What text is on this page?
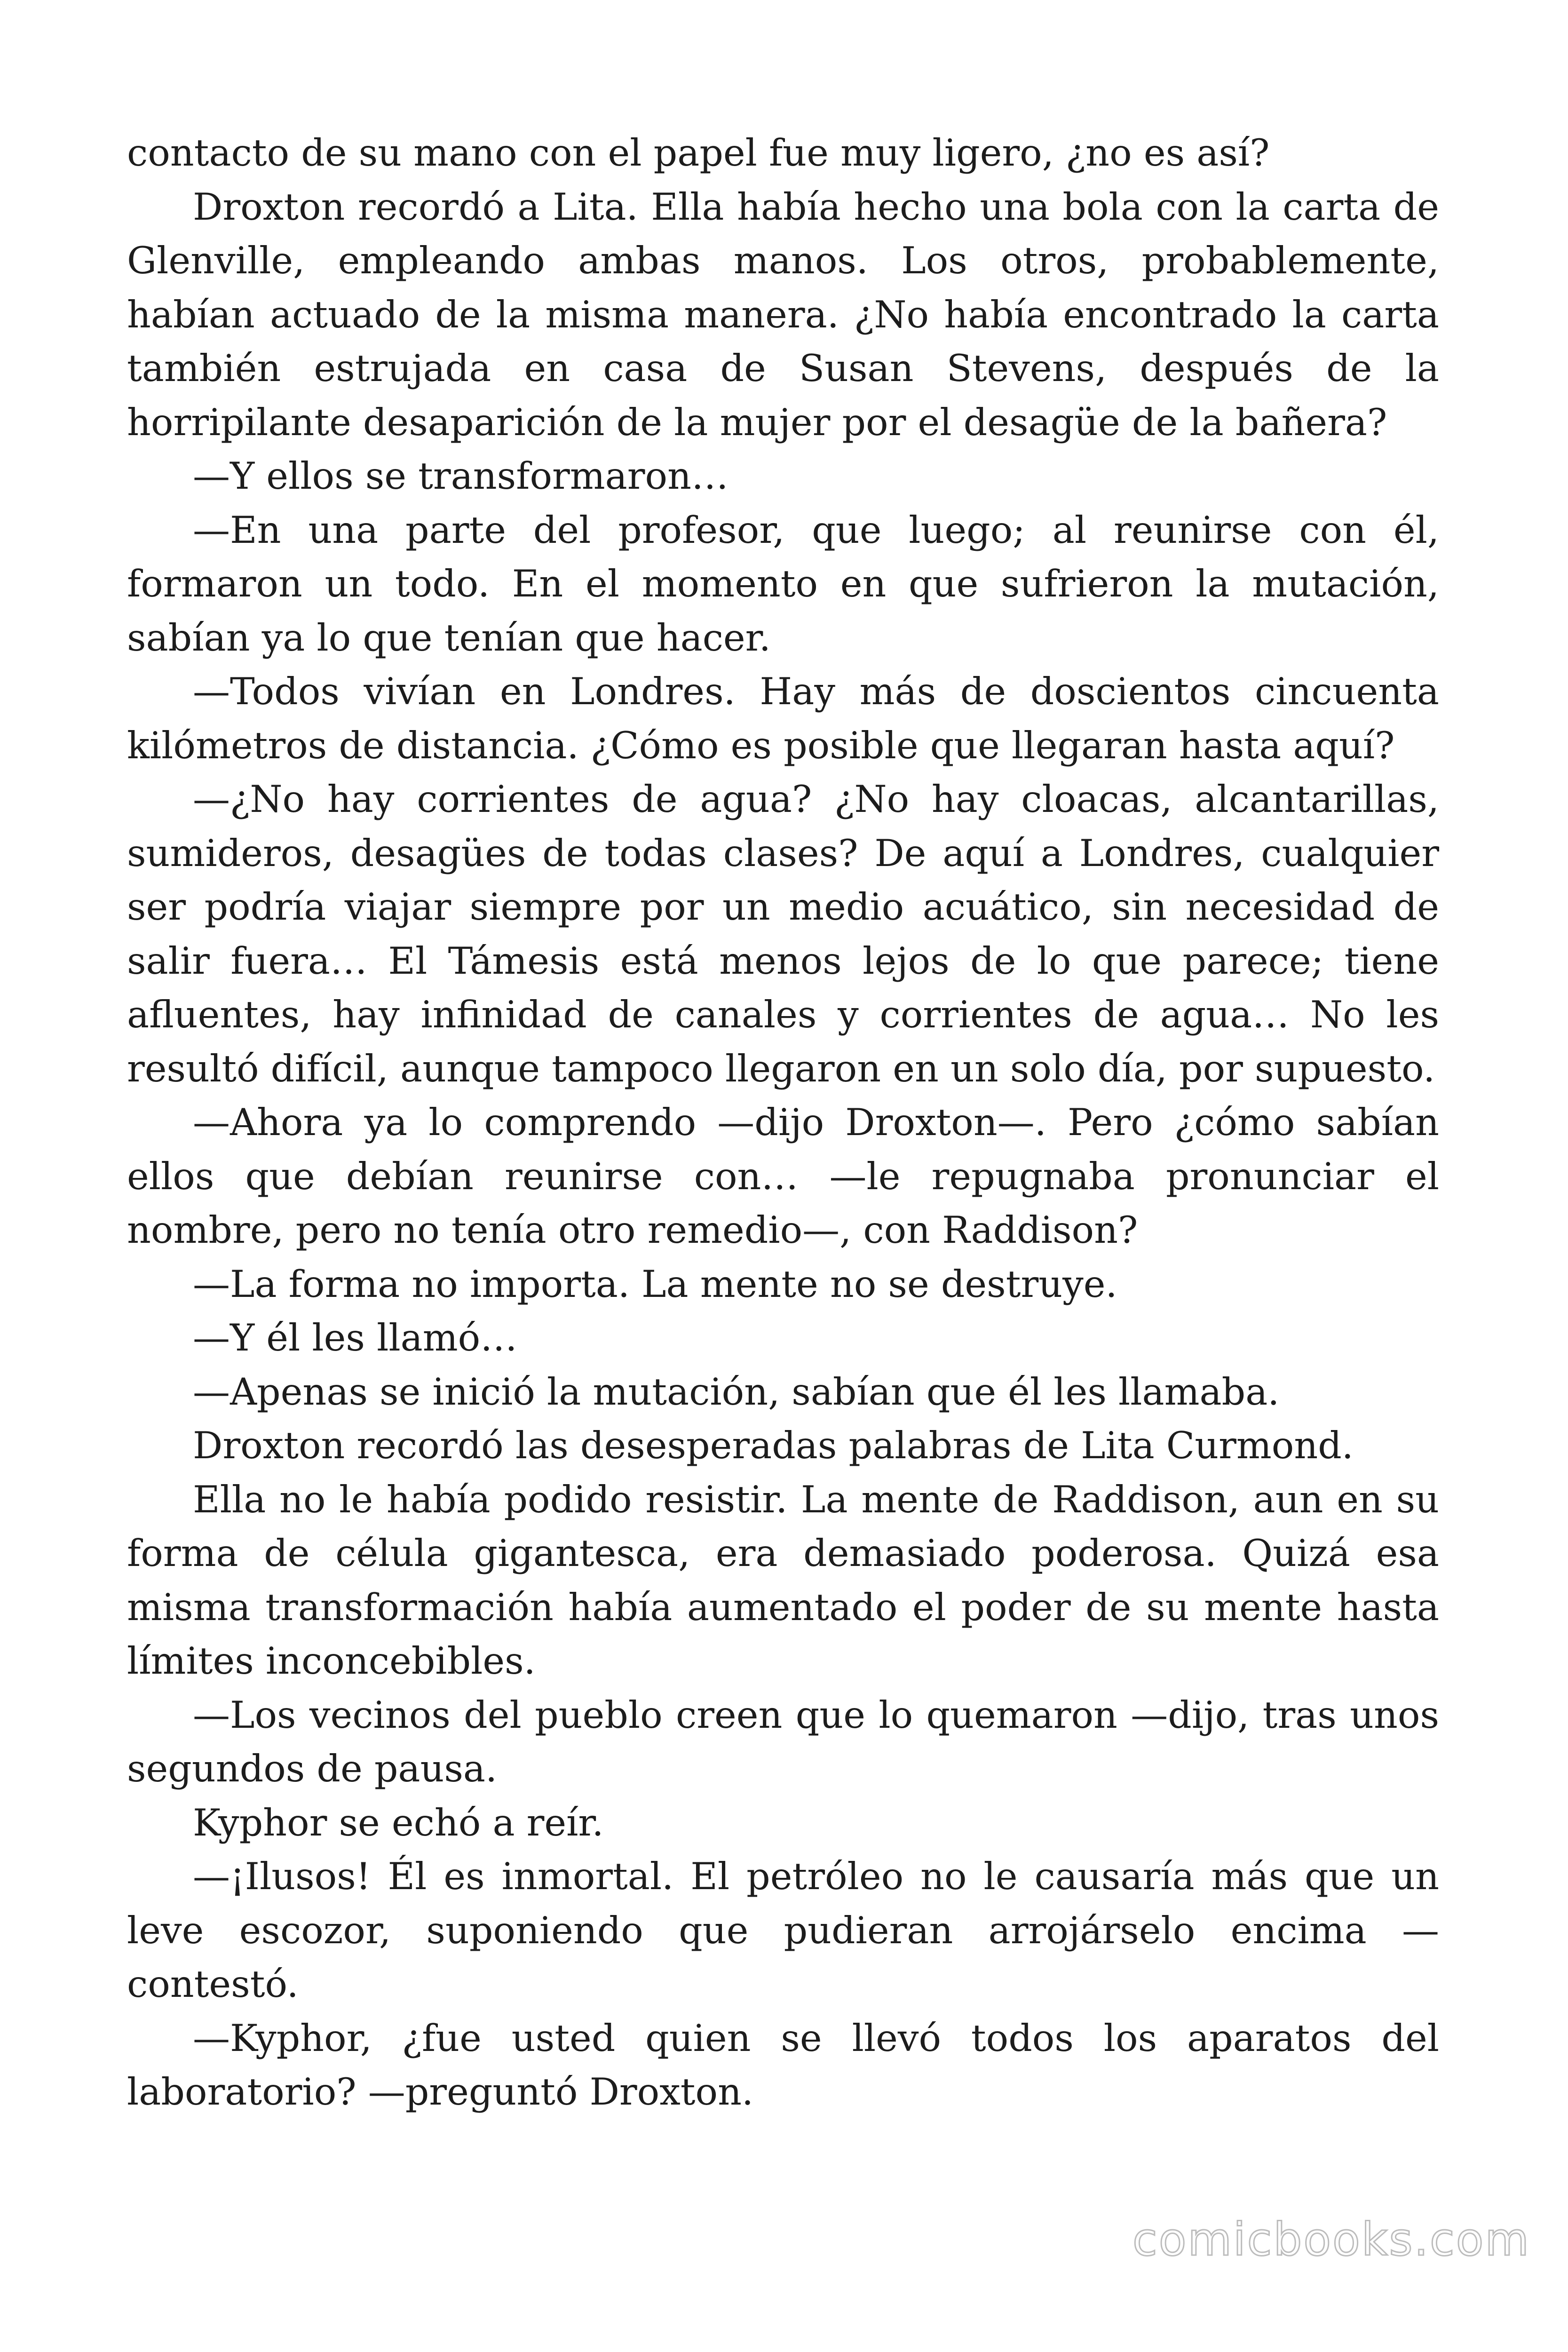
contacto de su mano con el papel fue muy ligero, ¿no es así?

Droxton recordó a Lita. Ella había hecho una bola con la carta de Glenville, empleando ambas manos. Los otros, probablemente, habían actuado de la misma manera. ¿No había encontrado la carta también estrujada en casa de Susan Stevens, después de la horripilante desaparición de la mujer por el desagüe de la bañera?

—Y ellos se transformaron…

—En una parte del profesor, que luego; al reunirse con él, formaron un todo. En el momento en que sufrieron la mutación, sabían ya lo que tenían que hacer.

—Todos vivían en Londres. Hay más de doscientos cincuenta kilómetros de distancia. ¿Cómo es posible que llegaran hasta aquí?

—¿No hay corrientes de agua? ¿No hay cloacas, alcantarillas, sumideros, desagües de todas clases? De aquí a Londres, cualquier ser podría viajar siempre por un medio acuático, sin necesidad de salir fuera… El Támesis está menos lejos de lo que parece; tiene afluentes, hay infinidad de canales y corrientes de agua… No les resultó difícil, aunque tampoco llegaron en un solo día, por supuesto.

—Ahora ya lo comprendo —dijo Droxton—. Pero ¿cómo sabían ellos que debían reunirse con… —le repugnaba pronunciar el nombre, pero no tenía otro remedio—, con Raddison?

—La forma no importa. La mente no se destruye.

—Y él les llamó…

—Apenas se inició la mutación, sabían que él les llamaba.

Droxton recordó las desesperadas palabras de Lita Curmond.

Ella no le había podido resistir. La mente de Raddison, aun en su forma de célula gigantesca, era demasiado poderosa. Quizá esa misma transformación había aumentado el poder de su mente hasta límites inconcebibles.

—Los vecinos del pueblo creen que lo quemaron —dijo, tras unos segundos de pausa.

Kyphor se echó a reír.

—¡Ilusos! Él es inmortal. El petróleo no le causaría más que un leve escozor, suponiendo que pudieran arrojárselo encima —contestó.

—Kyphor, ¿fue usted quien se llevó todos los aparatos del laboratorio? —preguntó Droxton.

comicbooks.com
